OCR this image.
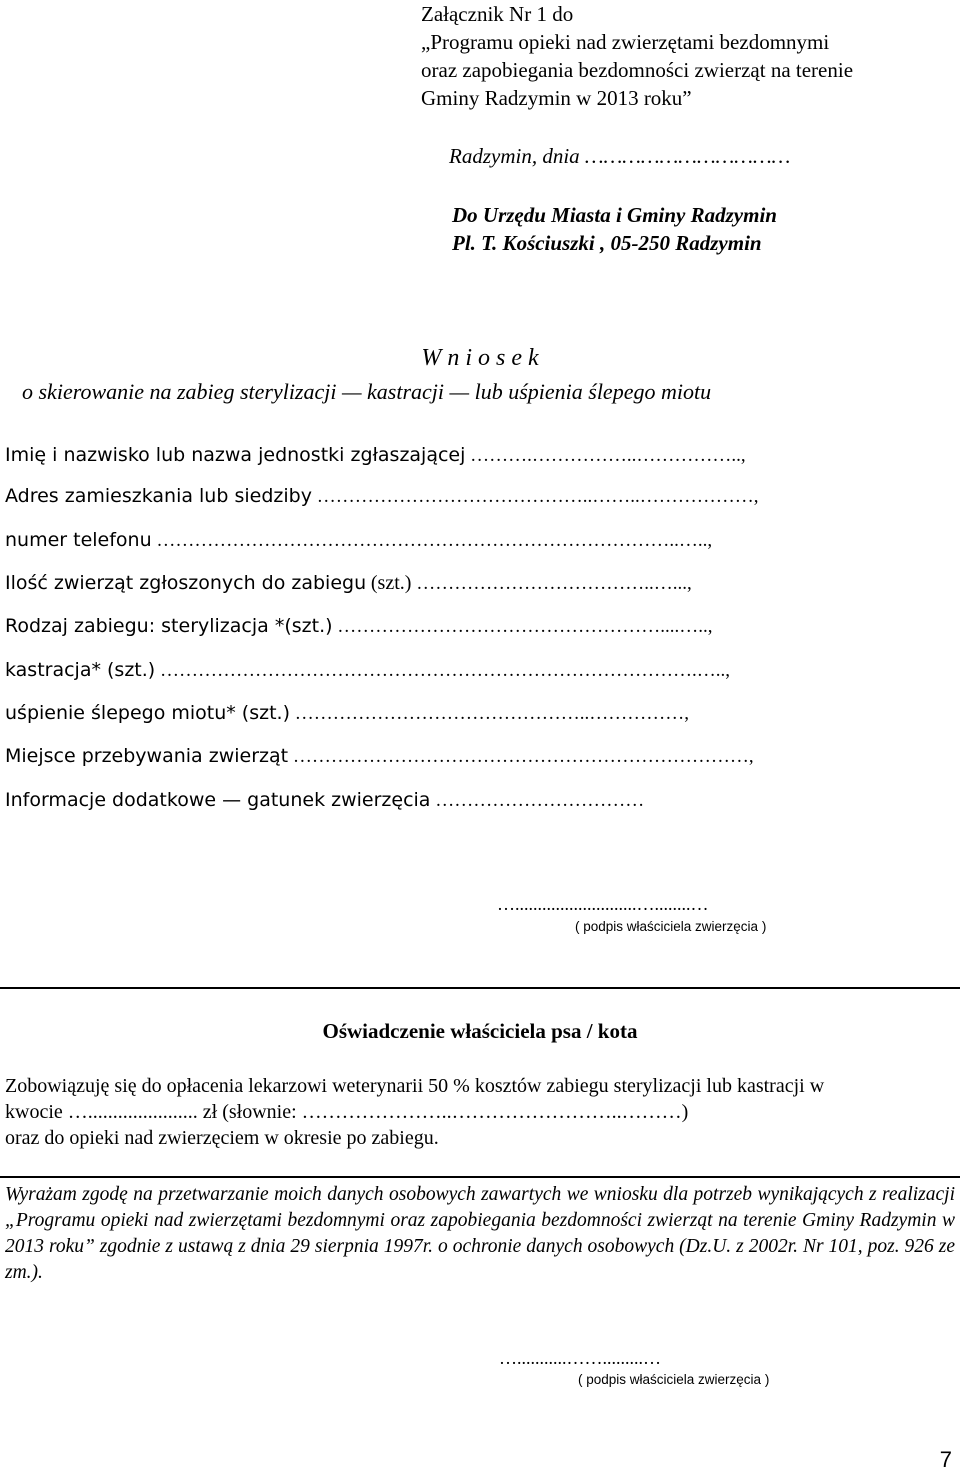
Załącznik Nr 1 do
„Programu opieki nad zwierzętami bezdomnymi
oraz zapobiegania bezdomności zwierząt na terenie
Gminy Radzymin w 2013 roku”
Radzymin, dnia ……………………………
Do Urzędu Miasta i Gminy Radzymin
Pl. T. Kościuszki , 05-250 Radzymin
W n i o s e k
o skierowanie na zabieg sterylizacji — kastracji — lub uśpienia ślepego miotu
Imię i nazwisko lub nazwa jednostki zgłaszającej ……….……………..……………..,
Adres zamieszkania lub siedziby ……………………………………..……..………………,
numer telefonu ………………………………………………………………………..…..,
Ilość zwierząt zgłoszonych do zabiegu (szt.) ………………………………..…...,
Rodzaj zabiegu: sterylizacja *(szt.) ……………………………………………....…..,
kastracja* (szt.) ………………………………………………………………………….…..,
uśpienie ślepego miotu* (szt.) ………………………………………..……………,
Miejsce przebywania zwierząt ………………………………………………………………,
Informacje dodatkowe — gatunek zwierzęcia ……………………………
…...........................…........…
( podpis właściciela zwierzęcia )
Oświadczenie właściciela psa / kota
Zobowiązuję się do opłacenia lekarzowi weterynarii 50 % kosztów zabiegu sterylizacji lub kastracji w
kwocie …...................... zł (słownie: …………………..……………………..………)
oraz do opieki nad zwierzęciem w okresie po zabiegu.
Wyrażam zgodę na przetwarzanie moich danych osobowych zawartych we wniosku dla potrzeb wynikających z realizacji „Programu opieki nad zwierzętami bezdomnymi oraz zapobiegania bezdomności zwierząt na terenie Gminy Radzymin w 2013 roku” zgodnie z ustawą z dnia 29 sierpnia 1997r. o ochronie danych osobowych (Dz.U. z 2002r. Nr 101, poz. 926 ze zm.).
…...........…….........…
( podpis właściciela zwierzęcia )
7
